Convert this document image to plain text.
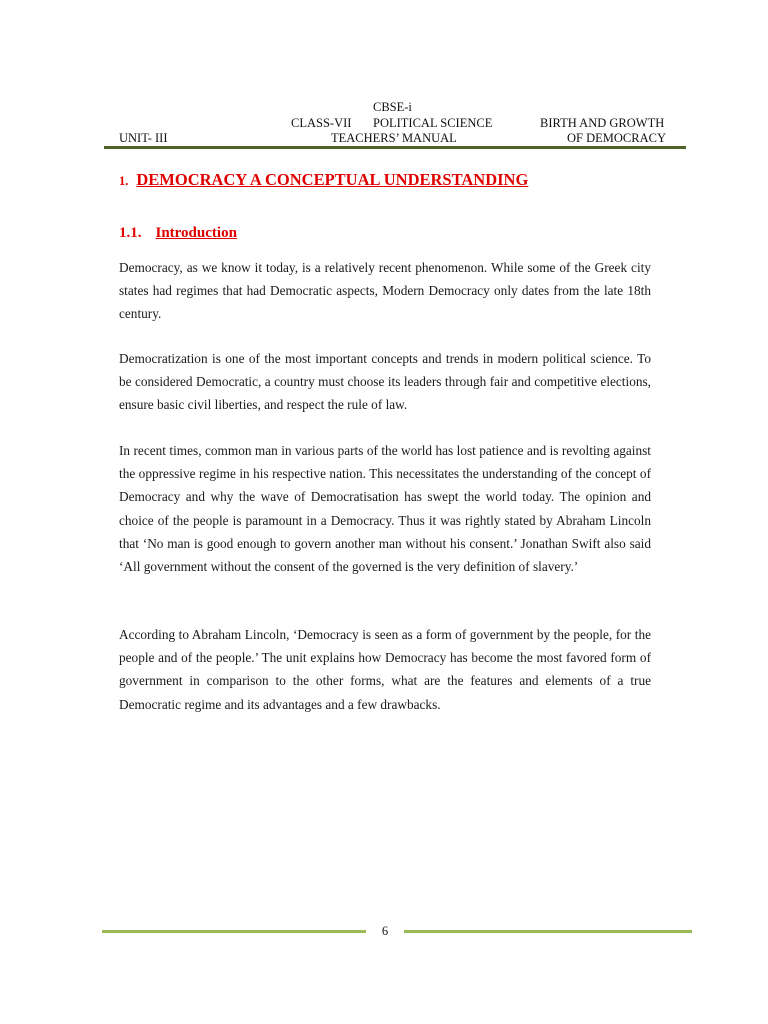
CBSE-i
CLASS-VII POLITICAL SCIENCE	BIRTH AND GROWTH
UNIT- III	TEACHERS’ MANUAL	OF DEMOCRACY
1. DEMOCRACY A CONCEPTUAL UNDERSTANDING
1.1. Introduction

Democracy, as we know it today, is a relatively recent phenomenon. While some of the Greek city states had regimes that had Democratic aspects, Modern Democracy only dates from the late 18th century.

Democratization is one of the most important concepts and trends in modern political science. To be considered Democratic, a country must choose its leaders through fair and competitive elections, ensure basic civil liberties, and respect the rule of law.

In recent times, common man in various parts of the world has lost patience and is revolting against the oppressive regime in his respective nation. This necessitates the understanding of the concept of Democracy and why the wave of Democratisation has swept the world today. The opinion and choice of the people is paramount in a Democracy. Thus it was rightly stated by Abraham Lincoln that ‘No man is good enough to govern another man without his consent.’ Jonathan Swift also said ‘All government without the consent of the governed is the very definition of slavery.’

According to Abraham Lincoln, ‘Democracy is seen as a form of government by the people, for the people and of the people.’ The unit explains how Democracy has become the most favored form of government in comparison to the other forms, what are the features and elements of a true Democratic regime and its advantages and a few drawbacks.

6
